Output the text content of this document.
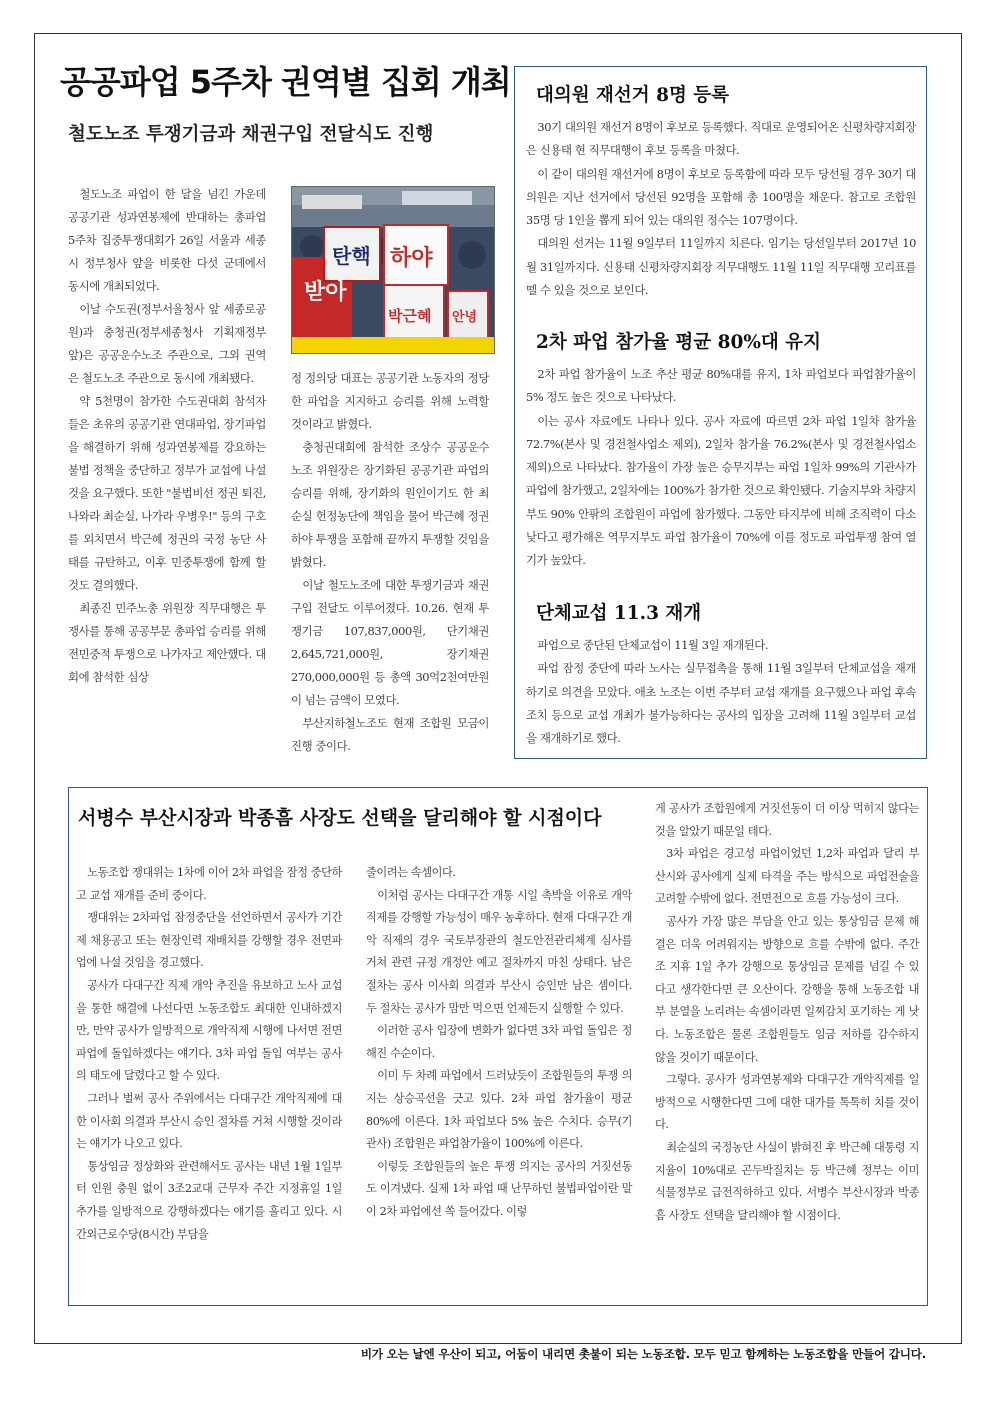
공공파업 5주차 권역별 집회 개최
철도노조 투쟁기금과 채권구입 전달식도 진행

철도노조 파업이 한 달을 넘긴 가운데 공공기관 성과연봉제에 반대하는 총파업 5주차 집중투쟁대회가 26일 서울과 세종시 정부청사 앞을 비롯한 다섯 군데에서 동시에 개최되었다.

이날 수도권(정부서울청사 앞 세종로공원)과 충청권(정부세종청사 기획재정부 앞)은 공공운수노조 주관으로, 그외 권역은 철도노조 주관으로 동시에 개최됐다.

약 5천명이 참가한 수도권대회 참석자들은 초유의 공공기관 연대파업, 장기파업을 해결하기 위해 성과연봉제를 강요하는 불법 정책을 중단하고 정부가 교섭에 나설 것을 요구했다. 또한 "불법비선 정권 퇴진, 나와라 최순실, 나가라 우병우!" 등의 구호를 외치면서 박근혜 정권의 국정 농단 사태를 규탄하고, 이후 민중투쟁에 함께 할 것도 결의했다.

최종진 민주노총 위원장 직무대행은 투쟁사를 통해 공공부문 총파업 승리를 위해 전민중적 투쟁으로 나가자고 제안했다. 대회에 참석한 심상

받아
탄핵 하야
박근혜 안녕

정 정의당 대표는 공공기관 노동자의 정당한 파업을 지지하고 승리를 위해 노력할 것이라고 밝혔다.

충청권대회에 참석한 조상수 공공운수노조 위원장은 장기화된 공공기관 파업의 승리를 위해, 장기화의 원인이기도 한 최순실 헌정농단에 책임을 물어 박근혜 정권 하야 투쟁을 포함해 끝까지 투쟁할 것임을 밝혔다.

이날 철도노조에 대한 투쟁기금과 채권 구입 전달도 이루어졌다. 10.26. 현재 투쟁기금 107,837,000원, 단기채권 2,645,721,000원, 장기채권 270,000,000원 등 총액 30억2천여만원이 넘는 금액이 모였다.

부산지하철노조도 현재 조합원 모금이 진행 중이다.

대의원 재선거 8명 등록

30기 대의원 재선거 8명이 후보로 등록했다. 직대로 운영되어온 신평차량지회장은 신용태 현 직무대행이 후보 등록을 마쳤다.

이 같이 대의원 재선거에 8명이 후보로 등록함에 따라 모두 당선될 경우 30기 대의원은 지난 선거에서 당선된 92명을 포함해 총 100명을 채운다. 참고로 조합원 35명 당 1인을 뽑게 되어 있는 대의원 정수는 107명이다.

대의원 선거는 11월 9일부터 11일까지 치른다. 임기는 당선일부터 2017년 10월 31일까지다. 신용태 신평차량지회장 직무대행도 11월 11일 직무대행 꼬리표를 뗄 수 있을 것으로 보인다.

2차 파업 참가율 평균 80%대 유지

2차 파업 참가율이 노조 추산 평균 80%대를 유지, 1차 파업보다 파업참가율이 5% 정도 높은 것으로 나타났다.

이는 공사 자료에도 나타나 있다. 공사 자료에 따르면 2차 파업 1일차 참가율 72.7%(본사 및 경전철사업소 제외), 2일차 참가율 76.2%(본사 및 경전철사업소 제외)으로 나타났다. 참가율이 가장 높은 승무지부는 파업 1일차 99%의 기관사가 파업에 참가했고, 2일차에는 100%가 참가한 것으로 확인됐다. 기술지부와 차량지부도 90% 안팎의 조합원이 파업에 참가했다. 그동안 타지부에 비해 조직력이 다소 낮다고 평가해온 역무지부도 파업 참가율이 70%에 이를 정도로 파업투쟁 참여 열기가 높았다.

단체교섭 11.3 재개

파업으로 중단된 단체교섭이 11월 3일 재개된다.

파업 잠정 중단에 따라 노사는 실무접촉을 통해 11월 3일부터 단체교섭을 재개하기로 의견을 모았다. 애초 노조는 이번 주부터 교섭 재개를 요구했으나 파업 후속조치 등으로 교섭 개최가 불가능하다는 공사의 입장을 고려해 11월 3일부터 교섭을 재개하기로 했다.

서병수 부산시장과 박종흠 사장도 선택을 달리해야 할 시점이다

노동조합 쟁대위는 1차에 이어 2차 파업을 잠정 중단하고 교섭 재개를 준비 중이다.

쟁대위는 2차파업 잠정중단을 선언하면서 공사가 기간제 채용공고 또는 현장인력 재배치를 강행할 경우 전면파업에 나설 것임을 경고했다.

공사가 다대구간 직제 개악 추진을 유보하고 노사 교섭을 통한 해결에 나선다면 노동조합도 최대한 인내하겠지만, 만약 공사가 일방적으로 개악직제 시행에 나서면 전면파업에 돌입하겠다는 얘기다. 3차 파업 돌입 여부는 공사의 태도에 달렸다고 할 수 있다.

그러나 벌써 공사 주위에서는 다대구간 개악직제에 대한 이사회 의결과 부산시 승인 절차를 거쳐 시행할 것이라는 얘기가 나오고 있다.

통상임금 정상화와 관련해서도 공사는 내년 1월 1일부터 인원 충원 없이 3조2교대 근무자 주간 지정휴일 1일 추가를 일방적으로 강행하겠다는 얘기를 흘리고 있다. 시간외근로수당(8시간) 부담을

줄이려는 속셈이다.

이처럼 공사는 다대구간 개통 시일 촉박을 이유로 개악 직제를 강행할 가능성이 매우 농후하다. 현재 다대구간 개악 직제의 경우 국토부장관의 철도안전관리체계 심사를 거쳐 관련 규정 개정안 예고 절차까지 마친 상태다. 남은 절차는 공사 이사회 의결과 부산시 승인만 남은 셈이다. 두 절차는 공사가 맘만 먹으면 언제든지 실행할 수 있다.

이러한 공사 입장에 변화가 없다면 3차 파업 돌입은 정해진 수순이다.

이미 두 차례 파업에서 드러났듯이 조합원들의 투쟁 의지는 상승곡선을 긋고 있다. 2차 파업 참가율이 평균 80%에 이른다. 1차 파업보다 5% 높은 수치다. 승무(기관사) 조합원은 파업참가율이 100%에 이른다.

이렇듯 조합원들의 높은 투쟁 의지는 공사의 거짓선동도 이겨냈다. 실제 1차 파업 때 난무하던 불법파업이란 말이 2차 파업에선 쏙 들어갔다. 이렇

게 공사가 조합원에게 거짓선동이 더 이상 먹히지 않다는 것을 알았기 때문일 테다.

3차 파업은 경고성 파업이었던 1,2차 파업과 달리 부산시와 공사에게 실제 타격을 주는 방식으로 파업전술을 고려할 수밖에 없다. 전면전으로 흐를 가능성이 크다.

공사가 가장 많은 부담을 안고 있는 통상임금 문제 해결은 더욱 어려워지는 방향으로 흐를 수밖에 없다. 주간조 지휴 1일 추가 강행으로 통상임금 문제를 넘길 수 있다고 생각한다면 큰 오산이다. 강행을 통해 노동조합 내부 분열을 노리려는 속셈이라면 일찌감치 포기하는 게 낫다. 노동조합은 물론 조합원들도 임금 저하를 감수하지 않을 것이기 때문이다.

그렇다. 공사가 성과연봉제와 다대구간 개악직제를 일방적으로 시행한다면 그에 대한 대가를 톡톡히 치를 것이다.

최순실의 국정농단 사실이 밝혀진 후 박근혜 대통령 지지율이 10%대로 곤두박질치는 등 박근혜 정부는 이미 식물정부로 급전직하하고 있다. 서병수 부산시장과 박종흠 사장도 선택을 달리해야 할 시점이다.

비가 오는 날엔 우산이 되고, 어둠이 내리면 촛불이 되는 노동조합. 모두 믿고 함께하는 노동조합을 만들어 갑니다.
